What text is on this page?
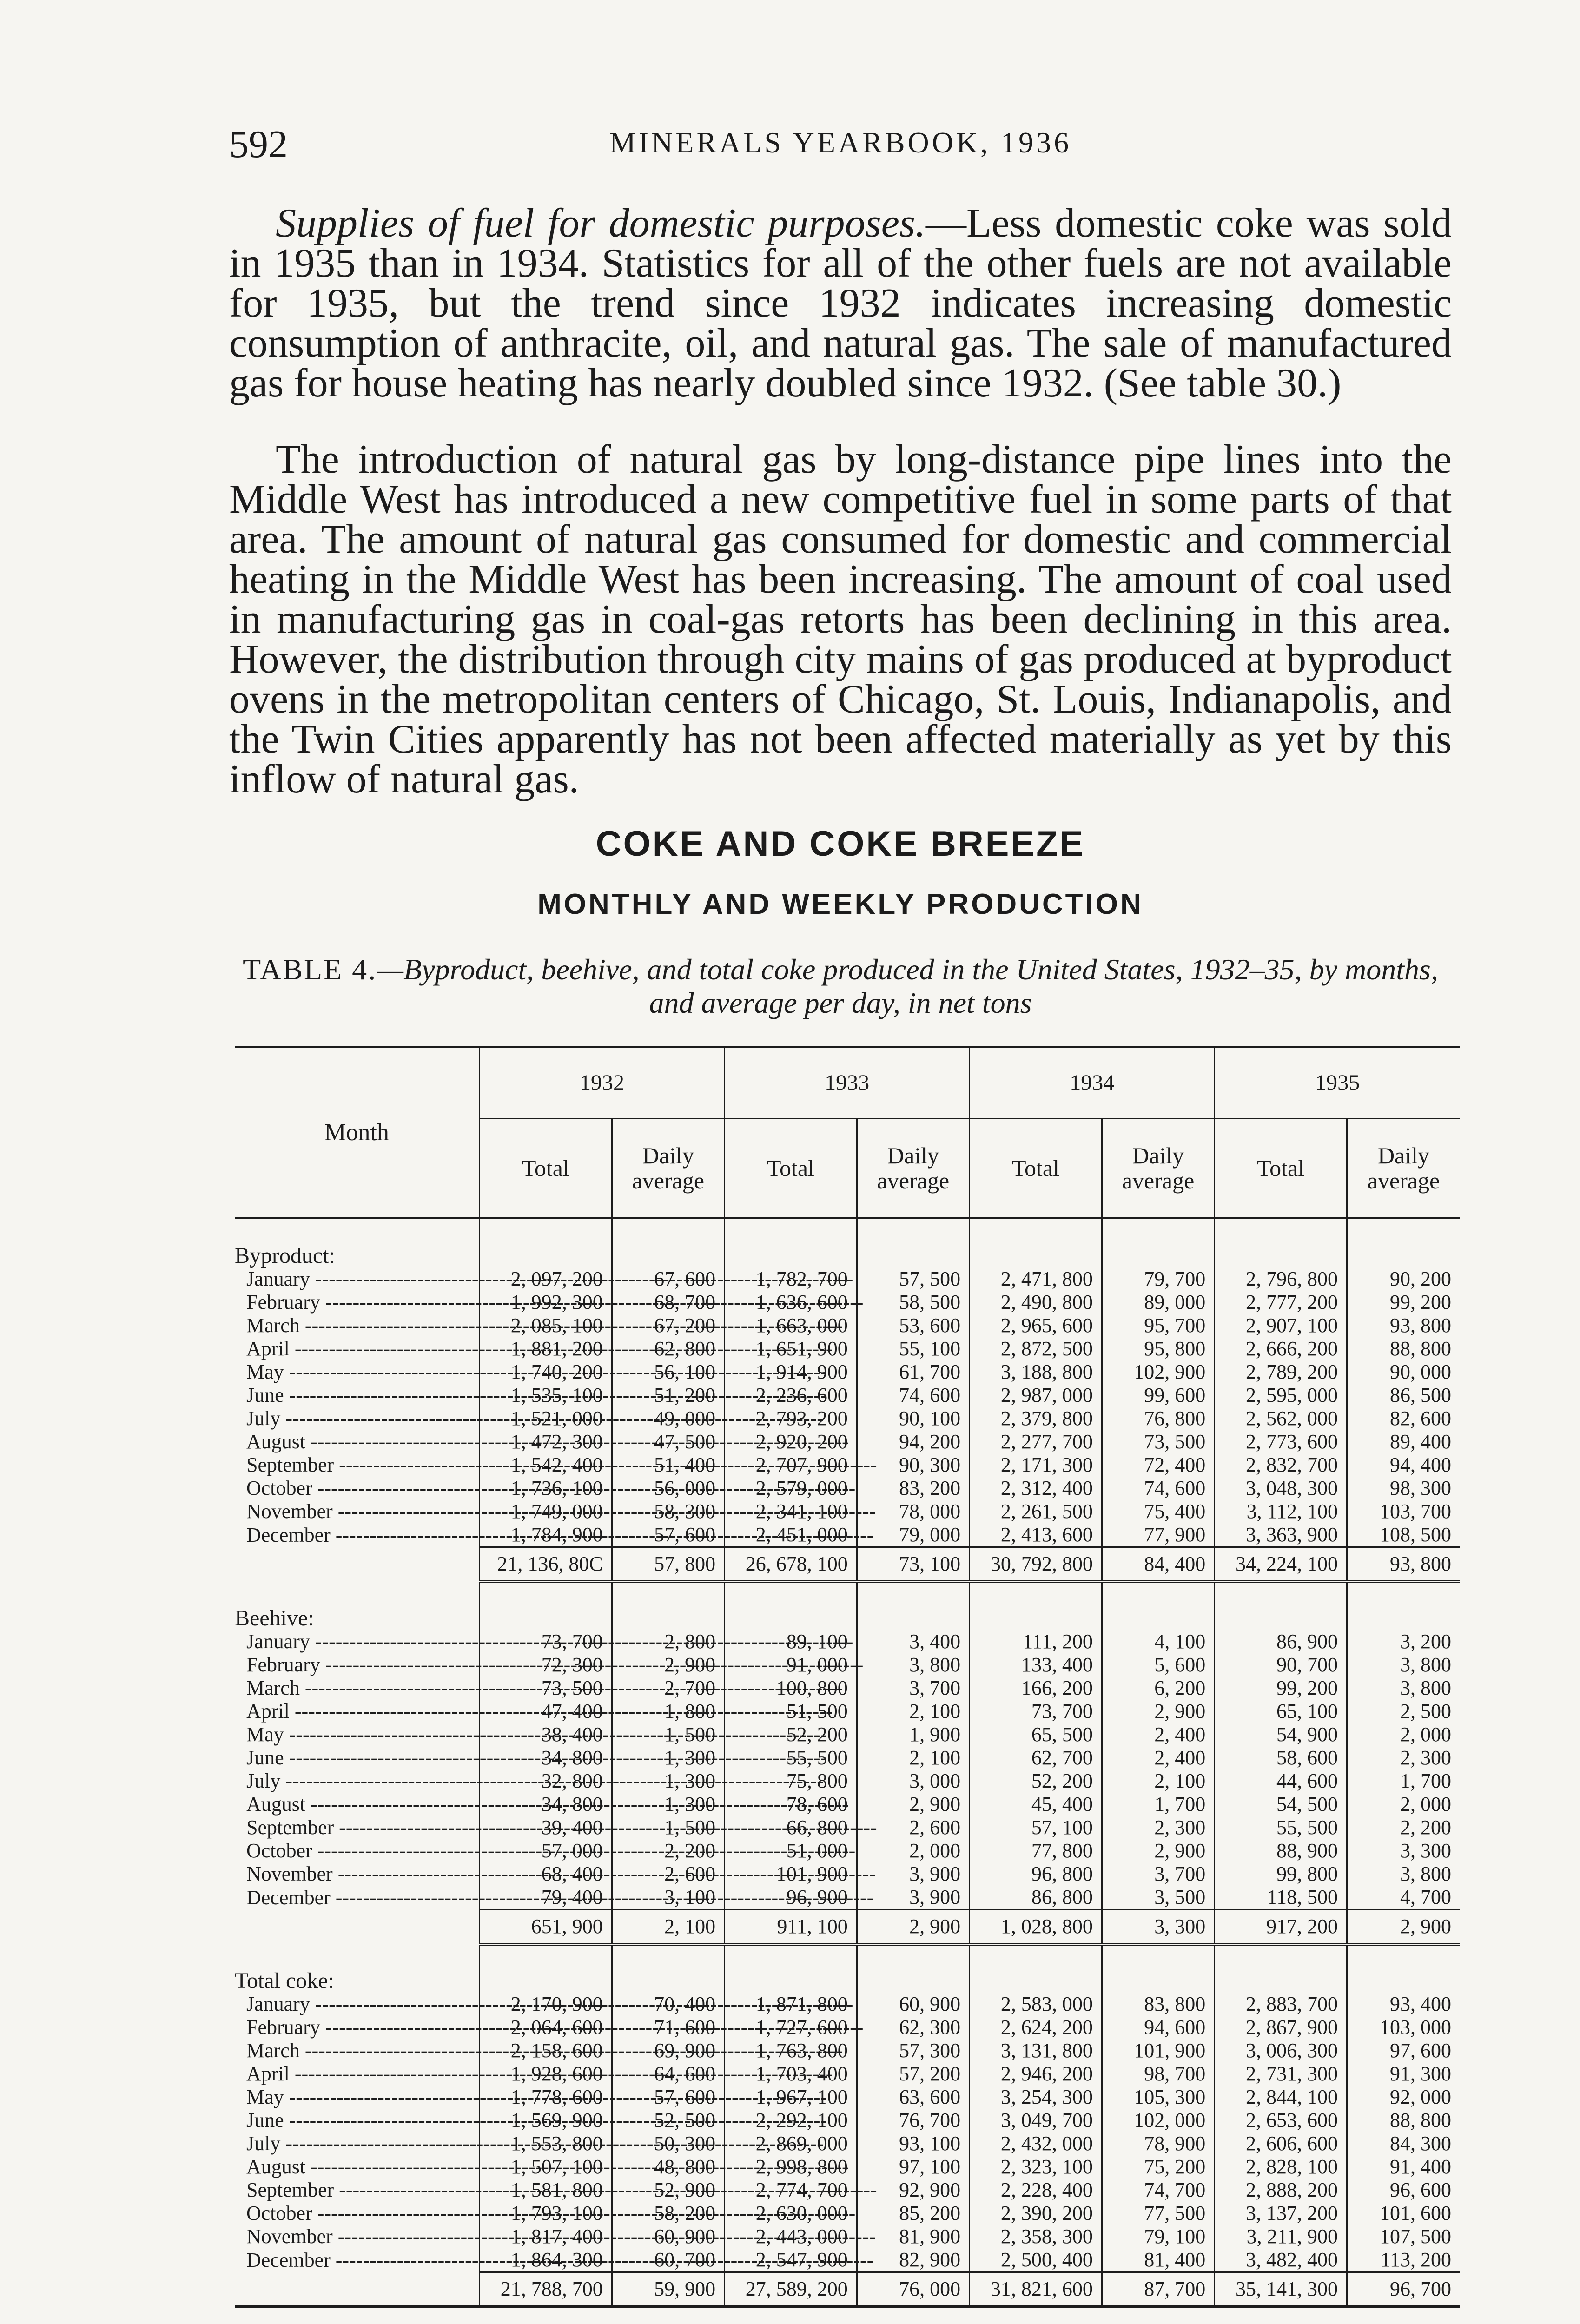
592	MINERALS YEARBOOK, 1936

Supplies of fuel for domestic purposes.—Less domestic coke was sold in 1935 than in 1934. Statistics for all of the other fuels are not available for 1935, but the trend since 1932 indicates increasing domestic consumption of anthracite, oil, and natural gas. The sale of manufactured gas for house heating has nearly doubled since 1932. (See table 30.)

The introduction of natural gas by long-distance pipe lines into the Middle West has introduced a new competitive fuel in some parts of that area. The amount of natural gas consumed for domestic and commercial heating in the Middle West has been increasing. The amount of coal used in manufacturing gas in coal-gas retorts has been declining in this area. However, the distribution through city mains of gas produced at byproduct ovens in the metropolitan centers of Chicago, St. Louis, Indianapolis, and the Twin Cities apparently has not been affected materially as yet by this inflow of natural gas.

COKE AND COKE BREEZE
MONTHLY AND WEEKLY PRODUCTION
TABLE 4.—Byproduct, beehive, and total coke produced in the United States, 1932–35, by months, and average per day, in net tons
Month	1932		1933		1934		1935	
	Total	Daily average	Total	Daily average	Total	Daily average	Total	Daily average
Byproduct:								
January -----	2, 097, 200	67, 600	1, 782, 700	57, 500	2, 471, 800	79, 700	2, 796, 800	90, 200
February -----	1, 992, 300	68, 700	1, 636, 600	58, 500	2, 490, 800	89, 000	2, 777, 200	99, 200
March -----	2, 085, 100	67, 200	1, 663, 000	53, 600	2, 965, 600	95, 700	2, 907, 100	93, 800
April -----	1, 881, 200	62, 800	1, 651, 900	55, 100	2, 872, 500	95, 800	2, 666, 200	88, 800
May -----	1, 740, 200	56, 100	1, 914, 900	61, 700	3, 188, 800	102, 900	2, 789, 200	90, 000
June -----	1, 535, 100	51, 200	2, 236, 600	74, 600	2, 987, 000	99, 600	2, 595, 000	86, 500
July -----	1, 521, 000	49, 000	2, 793, 200	90, 100	2, 379, 800	76, 800	2, 562, 000	82, 600
August -----	1, 472, 300	47, 500	2, 920, 200	94, 200	2, 277, 700	73, 500	2, 773, 600	89, 400
September -----	1, 542, 400	51, 400	2, 707, 900	90, 300	2, 171, 300	72, 400	2, 832, 700	94, 400
October -----	1, 736, 100	56, 000	2, 579, 000	83, 200	2, 312, 400	74, 600	3, 048, 300	98, 300
November -----	1, 749, 000	58, 300	2, 341, 100	78, 000	2, 261, 500	75, 400	3, 112, 100	103, 700
December -----	1, 784, 900	57, 600	2, 451, 000	79, 000	2, 413, 600	77, 900	3, 363, 900	108, 500
	21, 136, 80C	57, 800	26, 678, 100	73, 100	30, 792, 800	84, 400	34, 224, 100	93, 800
Beehive:								
January -----	73, 700	2, 800	89, 100	3, 400	111, 200	4, 100	86, 900	3, 200
February -----	72, 300	2, 900	91, 000	3, 800	133, 400	5, 600	90, 700	3, 800
March -----	73, 500	2, 700	100, 800	3, 700	166, 200	6, 200	99, 200	3, 800
April -----	47, 400	1, 800	51, 500	2, 100	73, 700	2, 900	65, 100	2, 500
May -----	38, 400	1, 500	52, 200	1, 900	65, 500	2, 400	54, 900	2, 000
June -----	34, 800	1, 300	55, 500	2, 100	62, 700	2, 400	58, 600	2, 300
July -----	32, 800	1, 300	75, 800	3, 000	52, 200	2, 100	44, 600	1, 700
August -----	34, 800	1, 300	78, 600	2, 900	45, 400	1, 700	54, 500	2, 000
September -----	39, 400	1, 500	66, 800	2, 600	57, 100	2, 300	55, 500	2, 200
October -----	57, 000	2, 200	51, 000	2, 000	77, 800	2, 900	88, 900	3, 300
November -----	68, 400	2, 600	101, 900	3, 900	96, 800	3, 700	99, 800	3, 800
December -----	79, 400	3, 100	96, 900	3, 900	86, 800	3, 500	118, 500	4, 700
	651, 900	2, 100	911, 100	2, 900	1, 028, 800	3, 300	917, 200	2, 900
Total coke:								
January -----	2, 170, 900	70, 400	1, 871, 800	60, 900	2, 583, 000	83, 800	2, 883, 700	93, 400
February -----	2, 064, 600	71, 600	1, 727, 600	62, 300	2, 624, 200	94, 600	2, 867, 900	103, 000
March -----	2, 158, 600	69, 900	1, 763, 800	57, 300	3, 131, 800	101, 900	3, 006, 300	97, 600
April -----	1, 928, 600	64, 600	1, 703, 400	57, 200	2, 946, 200	98, 700	2, 731, 300	91, 300
May -----	1, 778, 600	57, 600	1, 967, 100	63, 600	3, 254, 300	105, 300	2, 844, 100	92, 000
June -----	1, 569, 900	52, 500	2, 292, 100	76, 700	3, 049, 700	102, 000	2, 653, 600	88, 800
July -----	1, 553, 800	50, 300	2, 869, 000	93, 100	2, 432, 000	78, 900	2, 606, 600	84, 300
August -----	1, 507, 100	48, 800	2, 998, 800	97, 100	2, 323, 100	75, 200	2, 828, 100	91, 400
September -----	1, 581, 800	52, 900	2, 774, 700	92, 900	2, 228, 400	74, 700	2, 888, 200	96, 600
October -----	1, 793, 100	58, 200	2, 630, 000	85, 200	2, 390, 200	77, 500	3, 137, 200	101, 600
November -----	1, 817, 400	60, 900	2, 443, 000	81, 900	2, 358, 300	79, 100	3, 211, 900	107, 500
December -----	1, 864, 300	60, 700	2, 547, 900	82, 900	2, 500, 400	81, 400	3, 482, 400	113, 200
	21, 788, 700	59, 900	27, 589, 200	76, 000	31, 821, 600	87, 700	35, 141, 300	96, 700
